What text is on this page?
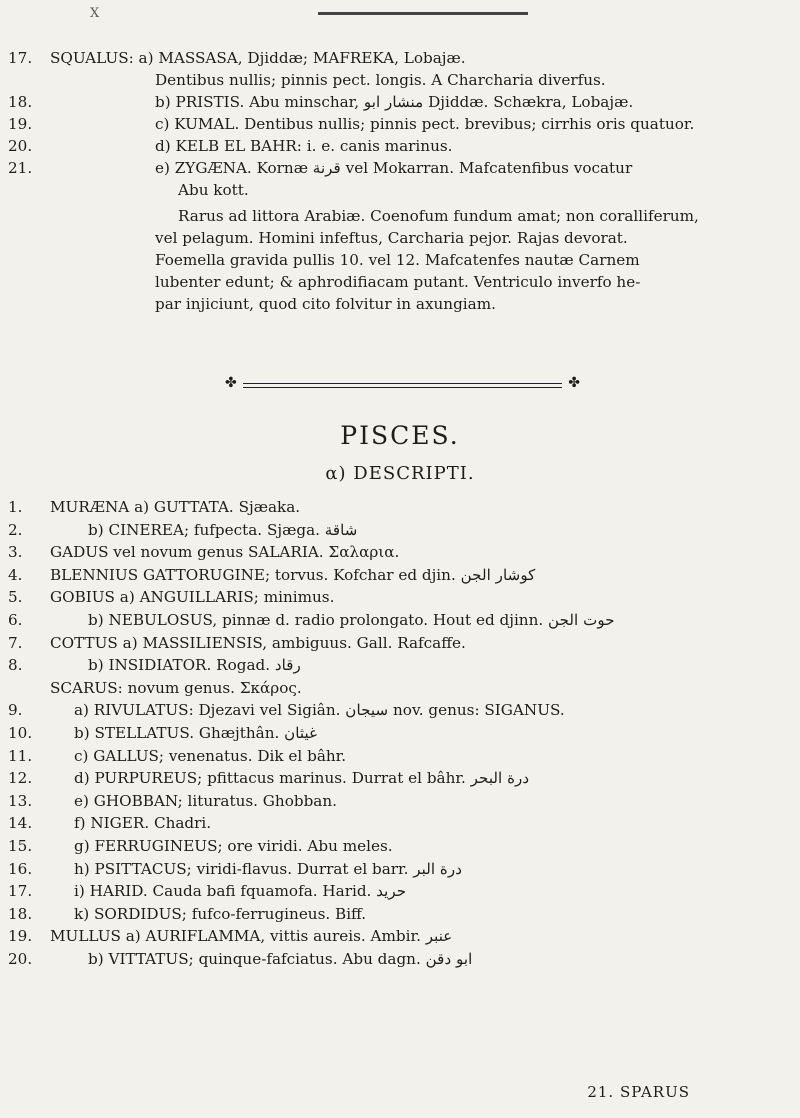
X
17.	SQUALUS: a) MASSASA, Djiddæ; MAFREKA, Lobajæ.
Dentibus nullis; pinnis pect. longis. A Charcharia diverfus.
18.	b) PRISTIS. Abu minschar, منشار ابو Djiddæ. Schækra, Lobajæ.
19.	c) KUMAL. Dentibus nullis; pinnis pect. brevibus; cirrhis oris quatuor.
20.	d) KELB EL BAHR: i. e. canis marinus.
21.	e) ZYGÆNA. Kornæ قرنة vel Mokarran. Mafcatenfibus vocatur
Abu kott.
Rarus ad littora Arabiæ. Coenofum fundum amat; non coralliferum,
vel pelagum. Homini infeftus, Carcharia pejor. Rajas devorat.
Foemella gravida pullis 10. vel 12. Mafcatenfes nautæ Carnem
lubenter edunt; & aphrodifiacam putant. Ventriculo inverfo he-
par injiciunt, quod cito folvitur in axungiam.
✤	✤
PISCES.
α) DESCRIPTI.
1.	MURÆNA a) GUTTATA. Sjæaka.
2.	b) CINEREA; fufpecta. Sjæga. شاقة
3.	GADUS vel novum genus SALARIA. Σαλαρια.
4.	BLENNIUS GATTORUGINE; torvus. Kofchar ed djin. كوشار الجن
5.	GOBIUS a) ANGUILLARIS; minimus.
6.	b) NEBULOSUS, pinnæ d. radio prolongato. Hout ed djinn. حوت الجن
7.	COTTUS a) MASSILIENSIS, ambiguus. Gall. Rafcaffe.
8.	b) INSIDIATOR. Rogad. رقاد
SCARUS: novum genus. Σκάρος.
9.	a) RIVULATUS: Djezavi vel Sigiân. سيجان nov. genus: SIGANUS.
10.	b) STELLATUS. Ghæjthân. غيثان
11.	c) GALLUS; venenatus. Dik el bâhr.
12.	d) PURPUREUS; pfittacus marinus. Durrat el bâhr. درة البحر
13.	e) GHOBBAN; lituratus. Ghobban.
14.	f) NIGER. Chadri.
15.	g) FERRUGINEUS; ore viridi. Abu meles.
16.	h) PSITTACUS; viridi-flavus. Durrat el barr. درة البر
17.	i) HARID. Cauda bafi fquamofa. Harid. حريد
18.	k) SORDIDUS; fufco-ferrugineus. Biff.
19.	MULLUS a) AURIFLAMMA, vittis aureis. Ambir. عنبر
20.	b) VITTATUS; quinque-fafciatus. Abu dagn. ابو دقن
21. SPARUS
